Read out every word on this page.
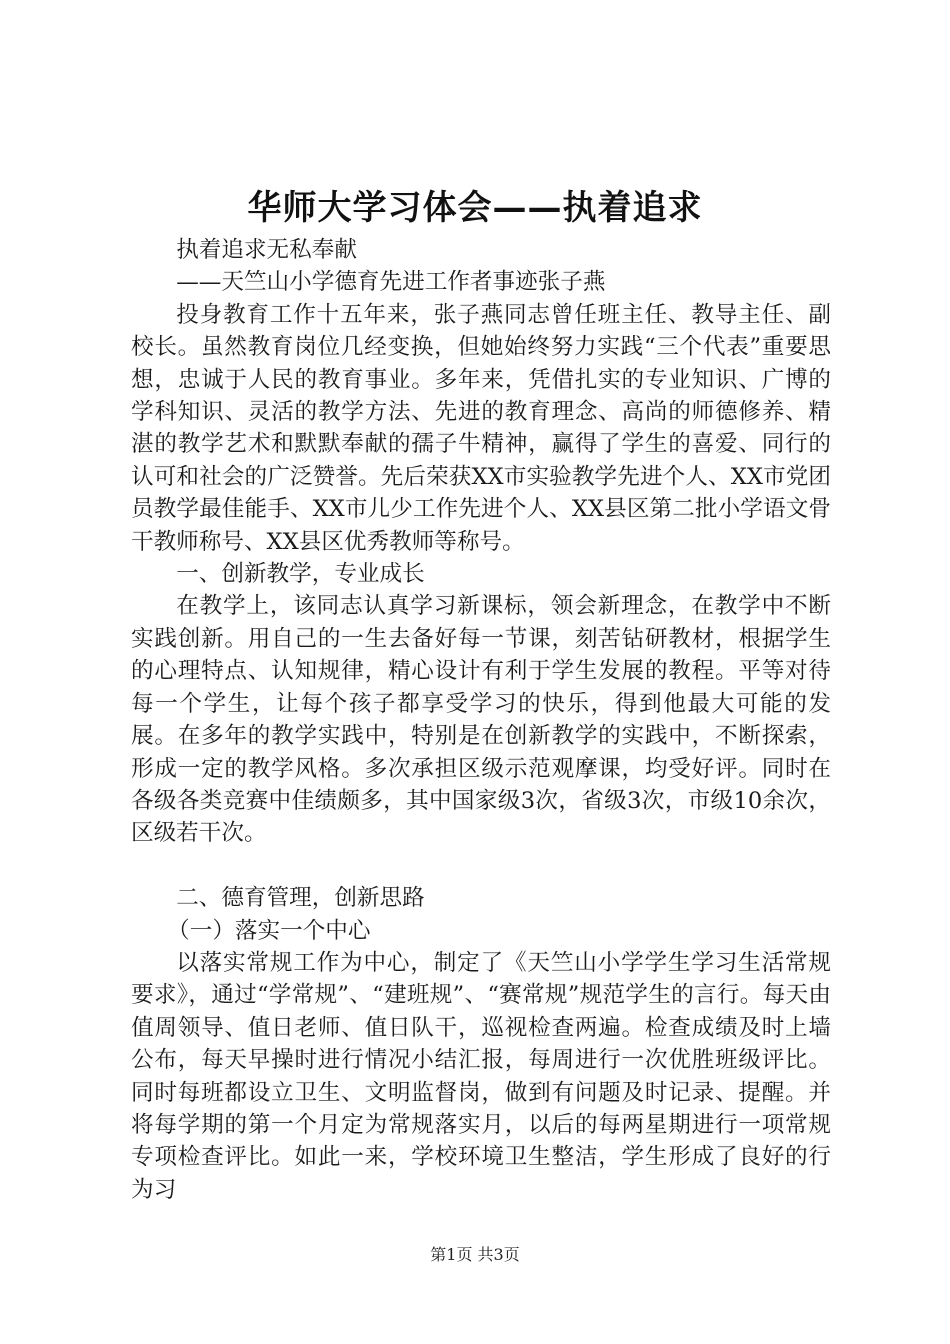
华师大学习体会——执着追求

执着追求无私奉献

——天竺山小学德育先进工作者事迹张子燕

投身教育工作十五年来，张子燕同志曾任班主任、教导主任、副校长。虽然教育岗位几经变换，但她始终努力实践“三个代表”重要思想，忠诚于人民的教育事业。多年来，凭借扎实的专业知识、广博的学科知识、灵活的教学方法、先进的教育理念、高尚的师德修养、精湛的教学艺术和默默奉献的孺子牛精神，赢得了学生的喜爱、同行的认可和社会的广泛赞誉。先后荣获XX市实验教学先进个人、XX市党团员教学最佳能手、XX市儿少工作先进个人、XX县区第二批小学语文骨干教师称号、XX县区优秀教师等称号。

一、创新教学，专业成长

在教学上，该同志认真学习新课标，领会新理念，在教学中不断实践创新。用自己的一生去备好每一节课，刻苦钻研教材，根据学生的心理特点、认知规律，精心设计有利于学生发展的教程。平等对待每一个学生，让每个孩子都享受学习的快乐，得到他最大可能的发展。在多年的教学实践中，特别是在创新教学的实践中，不断探索，形成一定的教学风格。多次承担区级示范观摩课，均受好评。同时在各级各类竞赛中佳绩颇多，其中国家级3次，省级3次，市级10余次，区级若干次。

二、德育管理，创新思路

（一）落实一个中心

以落实常规工作为中心，制定了《天竺山小学学生学习生活常规要求》，通过“学常规”、“建班规”、“赛常规”规范学生的言行。每天由值周领导、值日老师、值日队干，巡视检查两遍。检查成绩及时上墙公布，每天早操时进行情况小结汇报，每周进行一次优胜班级评比。同时每班都设立卫生、文明监督岗，做到有问题及时记录、提醒。并将每学期的第一个月定为常规落实月，以后的每两星期进行一项常规专项检查评比。如此一来，学校环境卫生整洁，学生形成了良好的行为习

第1页 共3页
